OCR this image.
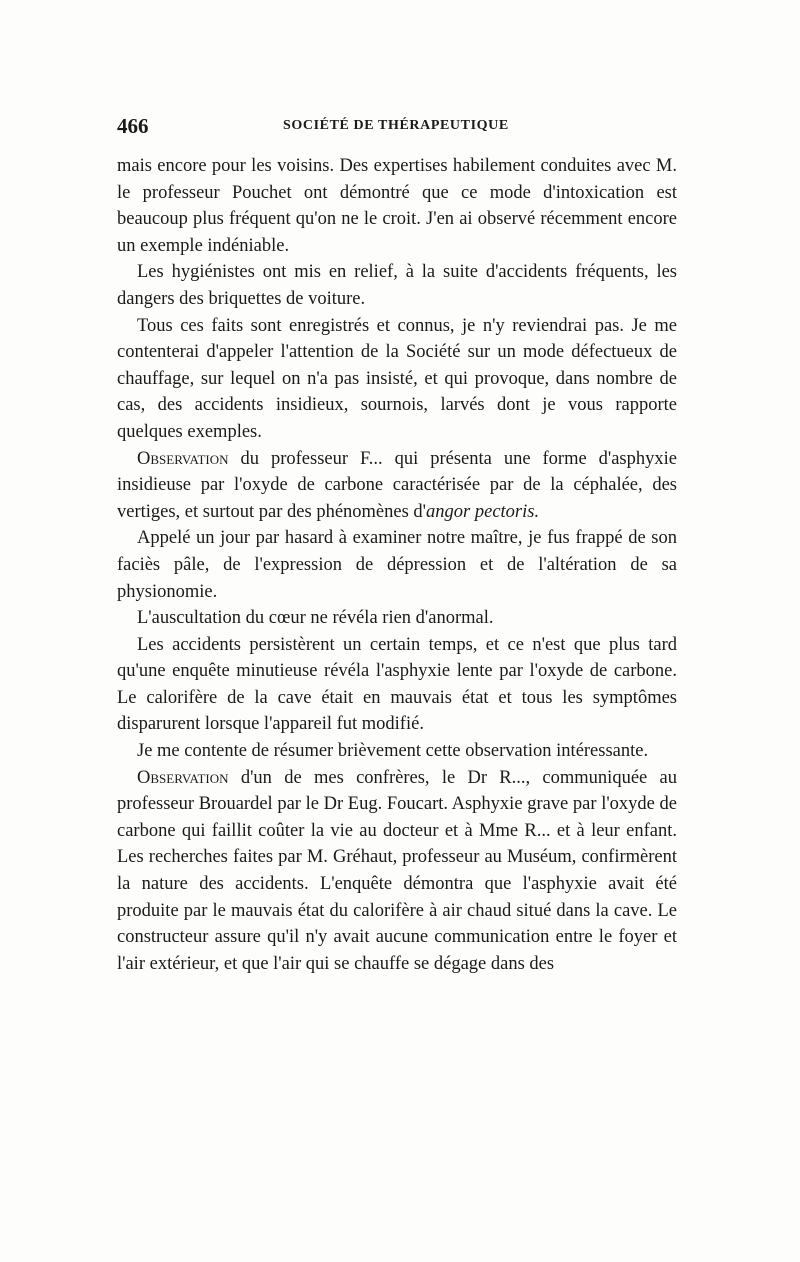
466	SOCIÉTÉ DE THÉRAPEUTIQUE

mais encore pour les voisins. Des expertises habilement conduites avec M. le professeur Pouchet ont démontré que ce mode d'intoxication est beaucoup plus fréquent qu'on ne le croit. J'en ai observé récemment encore un exemple indéniable.

Les hygiénistes ont mis en relief, à la suite d'accidents fréquents, les dangers des briquettes de voiture.

Tous ces faits sont enregistrés et connus, je n'y reviendrai pas. Je me contenterai d'appeler l'attention de la Société sur un mode défectueux de chauffage, sur lequel on n'a pas insisté, et qui provoque, dans nombre de cas, des accidents insidieux, sournois, larvés dont je vous rapporte quelques exemples.

Observation du professeur F... qui présenta une forme d'asphyxie insidieuse par l'oxyde de carbone caractérisée par de la céphalée, des vertiges, et surtout par des phénomènes d'angor pectoris.

Appelé un jour par hasard à examiner notre maître, je fus frappé de son faciès pâle, de l'expression de dépression et de l'altération de sa physionomie.

L'auscultation du cœur ne révéla rien d'anormal.

Les accidents persistèrent un certain temps, et ce n'est que plus tard qu'une enquête minutieuse révéla l'asphyxie lente par l'oxyde de carbone. Le calorifère de la cave était en mauvais état et tous les symptômes disparurent lorsque l'appareil fut modifié.

Je me contente de résumer brièvement cette observation intéressante.

Observation d'un de mes confrères, le Dr R..., communiquée au professeur Brouardel par le Dr Eug. Foucart. Asphyxie grave par l'oxyde de carbone qui faillit coûter la vie au docteur et à Mme R... et à leur enfant. Les recherches faites par M. Gréhaut, professeur au Muséum, confirmèrent la nature des accidents. L'enquête démontra que l'asphyxie avait été produite par le mauvais état du calorifère à air chaud situé dans la cave. Le constructeur assure qu'il n'y avait aucune communication entre le foyer et l'air extérieur, et que l'air qui se chauffe se dégage dans des
